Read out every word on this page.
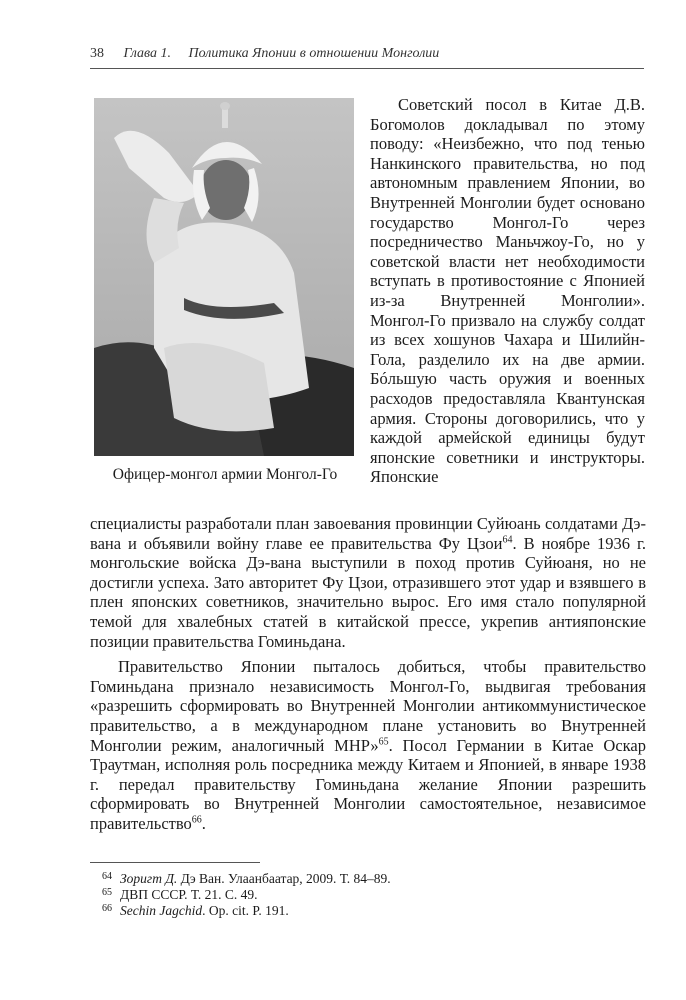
38 Глава 1. Политика Японии в отношении Монголии
Офицер-монгол армии Монгол-Го

Советский посол в Китае Д.В. Богомолов докладывал по этому поводу: «Неизбежно, что под тенью Нанкинского правительства, но под автономным правлением Японии, во Внутренней Монголии будет основано государство Монгол-Го через посредничество Маньчжоу-Го, но у советской власти нет необходимости вступать в противостояние с Японией из-за Внутренней Монголии». Монгол-Го призвало на службу солдат из всех хошунов Чахара и Шилийн-Гола, разделило их на две армии. Бóльшую часть оружия и военных расходов предоставляла Квантунская армия. Стороны договорились, что у каждой армейской единицы будут японские советники и инструкторы. Японские

специалисты разработали план завоевания провинции Суйюань солдатами Дэ-вана и объявили войну главе ее правительства Фу Цзои$^{64}$. В ноябре 1936 г. монгольские войска Дэ-вана выступили в поход против Суйюаня, но не достигли успеха. Зато авторитет Фу Цзои, отразившего этот удар и взявшего в плен японских советников, значительно вырос. Его имя стало популярной темой для хвалебных статей в китайской прессе, укрепив антияпонские позиции правительства Гоминьдана.

Правительство Японии пыталось добиться, чтобы правительство Гоминьдана признало независимость Монгол-Го, выдвигая требования «разрешить сформировать во Внутренней Монголии антикоммунистическое правительство, а в международном плане установить во Внутренней Монголии режим, аналогичный МНР»$^{65}$. Посол Германии в Китае Оскар Траутман, исполняя роль посредника между Китаем и Японией, в январе 1938 г. передал правительству Гоминьдана желание Японии разрешить сформировать во Внутренней Монголии самостоятельное, независимое правительство$^{66}$.

64 Зоригт Д. Дэ Ван. Улаанбаатар, 2009. Т. 84–89.

65 ДВП СССР. Т. 21. С. 49.

66 Sechin Jagchid. Op. cit. P. 191.
